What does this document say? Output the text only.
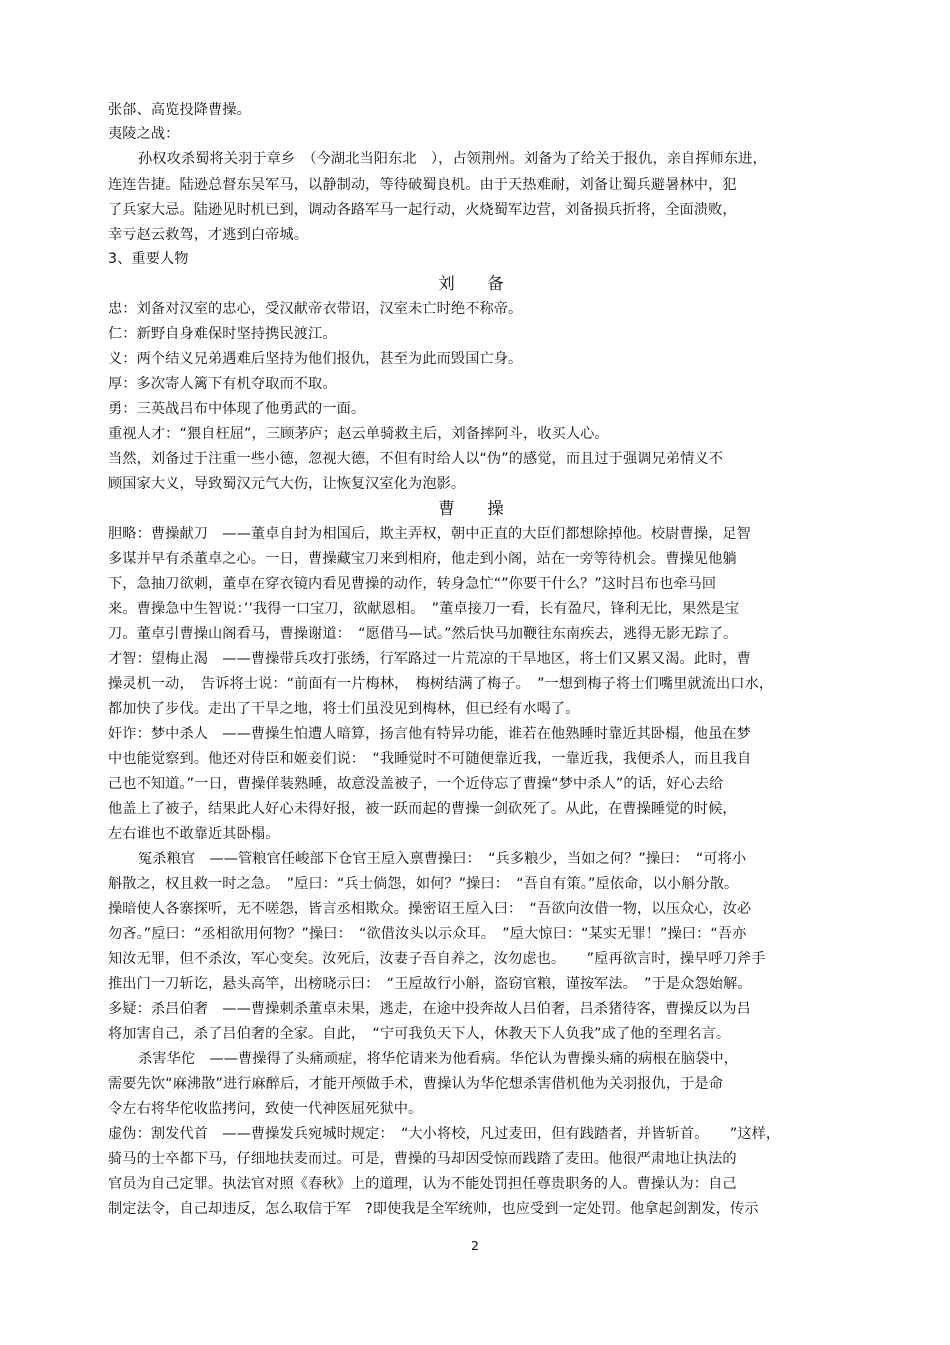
张郃、高览投降曹操。
夷陵之战：
孙权攻杀蜀将关羽于章乡　（今湖北当阳东北　），占领荆州。刘备为了给关于报仇，亲自挥师东进，
连连告捷。陆逊总督东吴军马，以静制动，等待破蜀良机。由于天热难耐，刘备让蜀兵避暑林中，犯
了兵家大忌。陆逊见时机已到，调动各路军马一起行动，火烧蜀军边营，刘备损兵折将，全面溃败，
幸亏赵云救驾，才逃到白帝城。
3、重要人物
刘　备
忠：刘备对汉室的忠心，受汉献帝衣带诏，汉室未亡时绝不称帝。
仁：新野自身难保时坚持携民渡江。
义：两个结义兄弟遇难后坚持为他们报仇，甚至为此而毁国亡身。
厚：多次寄人篱下有机夺取而不取。
勇：三英战吕布中体现了他勇武的一面。
重视人才：“猥自枉屈”，三顾茅庐；赵云单骑救主后，刘备摔阿斗，收买人心。
当然，刘备过于注重一些小德，忽视大德，不但有时给人以“伪”的感觉，而且过于强调兄弟情义不
顾国家大义，导致蜀汉元气大伤，让恢复汉室化为泡影。
曹　操
胆略：曹操献刀　——董卓自封为相国后，欺主弄权，朝中正直的大臣们都想除掉他。校尉曹操，足智
多谋并早有杀董卓之心。一日，曹操藏宝刀来到相府，他走到小阁，站在一旁等待机会。曹操见他躺
下，急抽刀欲刺，董卓在穿衣镜内看见曹操的动作，转身急忙“”你要干什么？”这时吕布也牵马回
来。曹操急中生智说：’’我得一口宝刀，欲献恩相。　”董卓接刀一看，长有盈尺，锋利无比，果然是宝
刀。董卓引曹操山阁看马，曹操谢道：　“愿借马—试。”然后快马加鞭往东南疾去，逃得无影无踪了。
才智：望梅止渴　——曹操带兵攻打张绣，行军路过一片荒凉的干旱地区，将士们又累又渴。此时，曹
操灵机一动，　告诉将士说：“前面有一片梅林，　梅树结满了梅子。　”一想到梅子将士们嘴里就流出口水，
都加快了步伐。走出了干旱之地，将士们虽没见到梅林，但已经有水喝了。
奸诈：梦中杀人　——曹操生怕遭人暗算，扬言他有特异功能，谁若在他熟睡时靠近其卧榻，他虽在梦
中也能觉察到。他还对侍臣和姬妾们说：　“我睡觉时不可随便靠近我，一靠近我，我便杀人，而且我自
己也不知道。”一日，曹操佯装熟睡，故意没盖被子，一个近侍忘了曹操“梦中杀人”的话，好心去给
他盖上了被子，结果此人好心未得好报，被一跃而起的曹操一剑砍死了。从此，在曹操睡觉的时候，
左右谁也不敢靠近其卧榻。
冤杀粮官　——管粮官任峻部下仓官王垕入禀曹操曰：　“兵多粮少，当如之何？”操曰：　“可将小
斛散之，权且救一时之急。　”垕曰：“兵士倘怨，如何？”操曰：　“吾自有策。”垕依命，以小斛分散。
操暗使人各寨探听，无不嗟怨，皆言丞相欺众。操密诏王垕入曰：　“吾欲向汝借一物，以压众心，汝必
勿吝。”垕曰：“丞相欲用何物？”操曰：　“欲借汝头以示众耳。　”垕大惊曰：“某实无罪！”操曰：“吾亦
知汝无罪，但不杀汝，军心变矣。汝死后，汝妻子吾自养之，汝勿虑也。　　”垕再欲言时，操早呼刀斧手
推出门一刀斩讫，悬头高竿，出榜晓示曰：　“王垕故行小斛，盗窃官粮，谨按军法。　”于是众怨始解。
多疑：杀吕伯奢　——曹操刺杀董卓未果，逃走，在途中投奔故人吕伯奢，吕杀猪待客，曹操反以为吕
将加害自己，杀了吕伯奢的全家。自此，　“宁可我负天下人，休教天下人负我”成了他的至理名言。
杀害华佗　——曹操得了头痛顽症，将华佗请来为他看病。华佗认为曹操头痛的病根在脑袋中，
需要先饮“麻沸散”进行麻醉后，才能开颅做手术，曹操认为华佗想杀害借机他为关羽报仇，于是命
令左右将华佗收监拷问，致使一代神医屈死狱中。
虚伪：割发代首　——曹操发兵宛城时规定：　“大小将校，凡过麦田，但有践踏者，并皆斩首。　　”这样，
骑马的士卒都下马，仔细地扶麦而过。可是，曹操的马却因受惊而践踏了麦田。他很严肃地让执法的
官员为自己定罪。执法官对照《春秋》上的道理，认为不能处罚担任尊贵职务的人。曹操认为：自己
制定法令，自己却违反，怎么取信于军　?即使我是全军统帅，也应受到一定处罚。他拿起剑割发，传示
2
